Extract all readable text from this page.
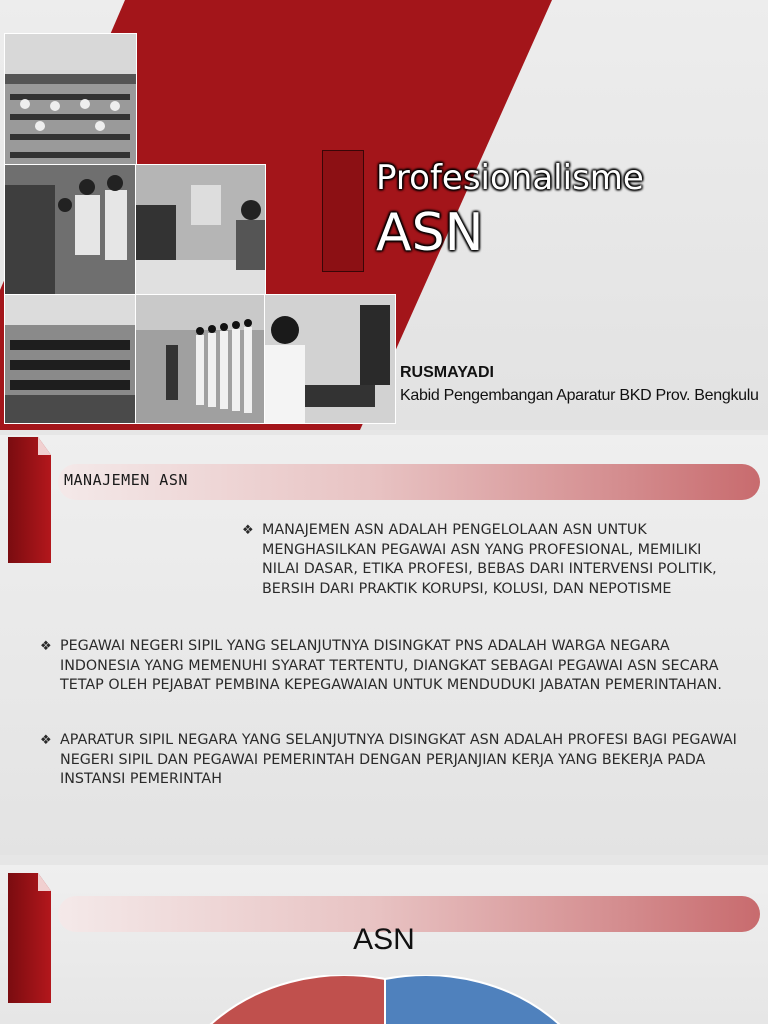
Profesionalisme
ASN
RUSMAYADI
Kabid Pengembangan Aparatur BKD Prov. Bengkulu
MANAJEMEN ASN
❖ MANAJEMEN ASN ADALAH PENGELOLAAN ASN UNTUK MENGHASILKAN PEGAWAI ASN YANG PROFESIONAL, MEMILIKI NILAI DASAR, ETIKA PROFESI, BEBAS DARI INTERVENSI POLITIK, BERSIH DARI PRAKTIK KORUPSI, KOLUSI, DAN NEPOTISME
❖ PEGAWAI NEGERI SIPIL YANG SELANJUTNYA DISINGKAT PNS ADALAH WARGA NEGARA INDONESIA YANG MEMENUHI SYARAT TERTENTU, DIANGKAT SEBAGAI PEGAWAI ASN SECARA TETAP OLEH PEJABAT PEMBINA KEPEGAWAIAN UNTUK MENDUDUKI JABATAN PEMERINTAHAN.
❖ APARATUR SIPIL NEGARA YANG SELANJUTNYA DISINGKAT ASN ADALAH PROFESI BAGI PEGAWAI NEGERI SIPIL DAN PEGAWAI PEMERINTAH DENGAN PERJANJIAN KERJA YANG BEKERJA PADA INSTANSI PEMERINTAH
ASN
